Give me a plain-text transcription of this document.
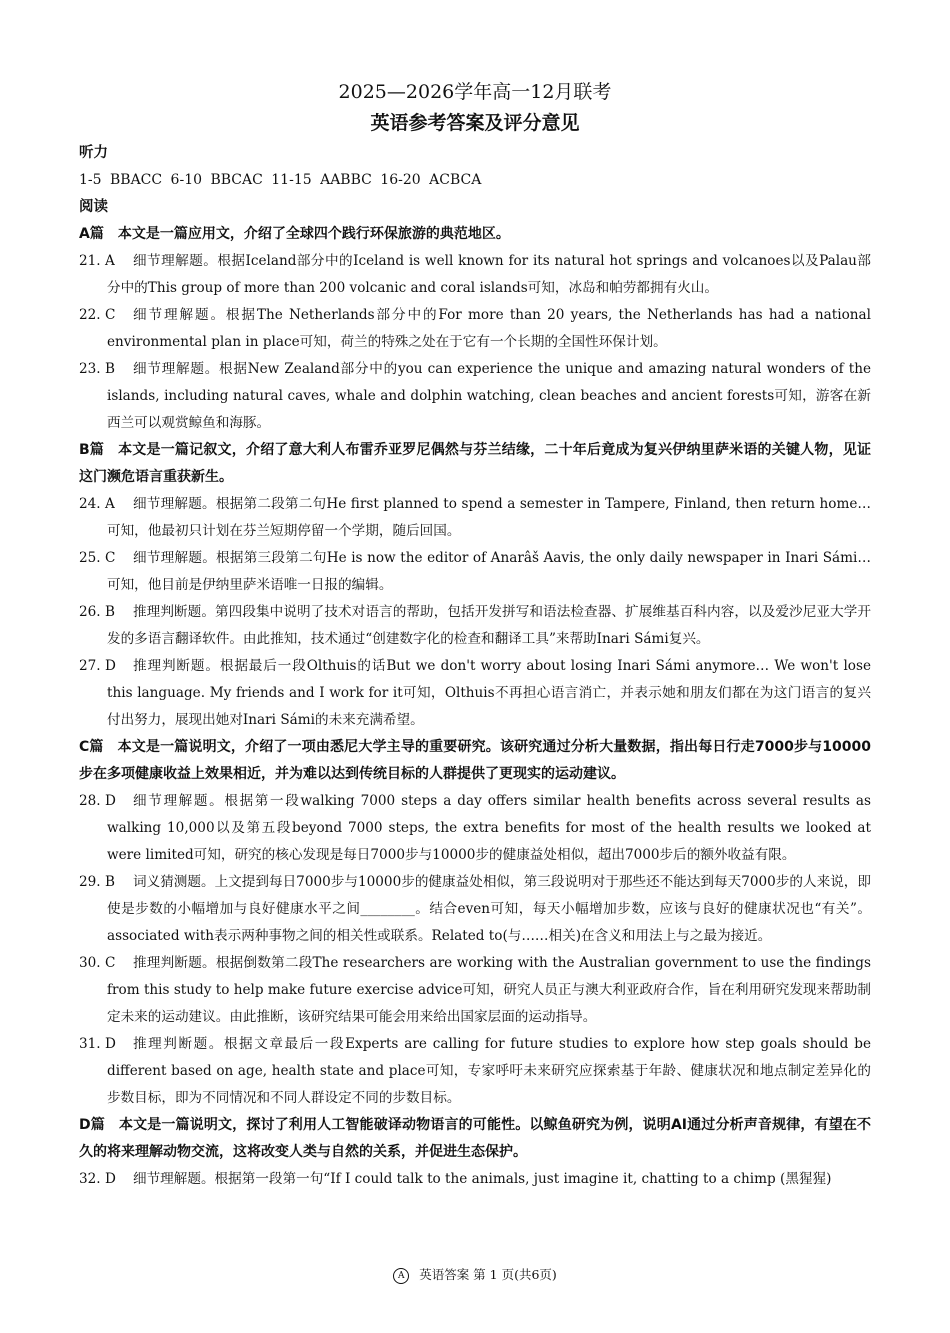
2025—2026学年高一12月联考
英语参考答案及评分意见
听力
1-5 BBACC 6-10 BBCAC 11-15 AABBC 16-20 ACBCA
阅读
A篇 本文是一篇应用文，介绍了全球四个践行环保旅游的典范地区。
21. A	细节理解题。根据Iceland部分中的Iceland is well known for its natural hot springs and volcanoes以及Palau部分中的This group of more than 200 volcanic and coral islands可知，冰岛和帕劳都拥有火山。
22. C	细节理解题。根据The Netherlands部分中的For more than 20 years, the Netherlands has had a national environmental plan in place可知，荷兰的特殊之处在于它有一个长期的全国性环保计划。
23. B	细节理解题。根据New Zealand部分中的you can experience the unique and amazing natural wonders of the islands, including natural caves, whale and dolphin watching, clean beaches and ancient forests可知，游客在新西兰可以观赏鲸鱼和海豚。
B篇 本文是一篇记叙文，介绍了意大利人布雷乔亚罗尼偶然与芬兰结缘，二十年后竟成为复兴伊纳里萨米语的关键人物，见证这门濒危语言重获新生。
24. A	细节理解题。根据第二段第二句He first planned to spend a semester in Tampere, Finland, then return home…可知，他最初只计划在芬兰短期停留一个学期，随后回国。
25. C	细节理解题。根据第三段第二句He is now the editor of Anarâš Aavis, the only daily newspaper in Inari Sámi…可知，他目前是伊纳里萨米语唯一日报的编辑。
26. B	推理判断题。第四段集中说明了技术对语言的帮助，包括开发拼写和语法检查器、扩展维基百科内容，以及爱沙尼亚大学开发的多语言翻译软件。由此推知，技术通过“创建数字化的检查和翻译工具”来帮助Inari Sámi复兴。
27. D	推理判断题。根据最后一段Olthuis的话But we don't worry about losing Inari Sámi anymore… We won't lose this language. My friends and I work for it可知，Olthuis不再担心语言消亡，并表示她和朋友们都在为这门语言的复兴付出努力，展现出她对Inari Sámi的未来充满希望。
C篇 本文是一篇说明文，介绍了一项由悉尼大学主导的重要研究。该研究通过分析大量数据，指出每日行走7000步与10000步在多项健康收益上效果相近，并为难以达到传统目标的人群提供了更现实的运动建议。
28. D	细节理解题。根据第一段walking 7000 steps a day offers similar health benefits across several results as walking 10,000以及第五段beyond 7000 steps, the extra benefits for most of the health results we looked at were limited可知，研究的核心发现是每日7000步与10000步的健康益处相似，超出7000步后的额外收益有限。
29. B	词义猜测题。上文提到每日7000步与10000步的健康益处相似，第三段说明对于那些还不能达到每天7000步的人来说，即使是步数的小幅增加与良好健康水平之间________。结合even可知，每天小幅增加步数，应该与良好的健康状况也“有关”。associated with表示两种事物之间的相关性或联系。Related to(与……相关)在含义和用法上与之最为接近。
30. C	推理判断题。根据倒数第二段The researchers are working with the Australian government to use the findings from this study to help make future exercise advice可知，研究人员正与澳大利亚政府合作，旨在利用研究发现来帮助制定未来的运动建议。由此推断，该研究结果可能会用来给出国家层面的运动指导。
31. D	推理判断题。根据文章最后一段Experts are calling for future studies to explore how step goals should be different based on age, health state and place可知，专家呼吁未来研究应探索基于年龄、健康状况和地点制定差异化的步数目标，即为不同情况和不同人群设定不同的步数目标。
D篇 本文是一篇说明文，探讨了利用人工智能破译动物语言的可能性。以鲸鱼研究为例，说明AI通过分析声音规律，有望在不久的将来理解动物交流，这将改变人类与自然的关系，并促进生态保护。
32. D	细节理解题。根据第一段第一句“If I could talk to the animals, just imagine it, chatting to a chimp (黑猩猩)
A 英语答案 第 1 页(共6页)
